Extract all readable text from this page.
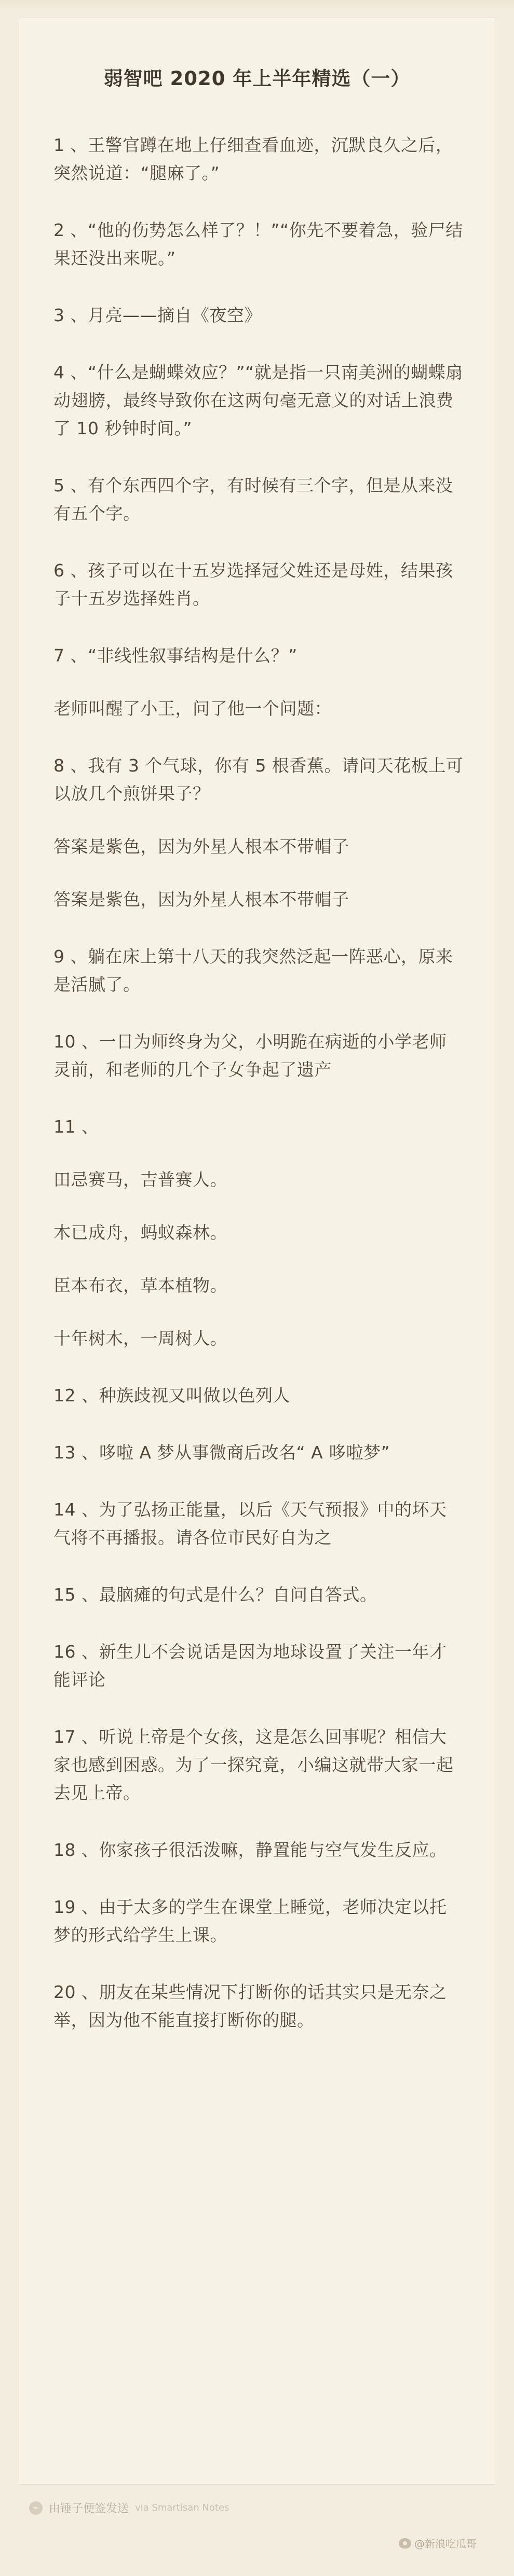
弱智吧 2020 年上半年精选（一）

1 、王警官蹲在地上仔细查看血迹，沉默良久之后，突然说道：“腿麻了。”

2 、“他的伤势怎么样了？！”“你先不要着急，验尸结果还没出来呢。”

3 、月亮——摘自《夜空》

4 、“什么是蝴蝶效应？”“就是指一只南美洲的蝴蝶扇动翅膀，最终导致你在这两句毫无意义的对话上浪费了 10 秒钟时间。”

5 、有个东西四个字，有时候有三个字，但是从来没有五个字。

6 、孩子可以在十五岁选择冠父姓还是母姓，结果孩子十五岁选择姓肖。

7 、“非线性叙事结构是什么？”

老师叫醒了小王，问了他一个问题：

8 、我有 3 个气球，你有 5 根香蕉。请问天花板上可以放几个煎饼果子？

答案是紫色，因为外星人根本不带帽子

答案是紫色，因为外星人根本不带帽子

9 、躺在床上第十八天的我突然泛起一阵恶心，原来是活腻了。

10 、一日为师终身为父，小明跪在病逝的小学老师灵前，和老师的几个子女争起了遗产

11 、

田忌赛马，吉普赛人。

木已成舟，蚂蚁森林。

臣本布衣，草本植物。

十年树木，一周树人。

12 、种族歧视又叫做以色列人

13 、哆啦 A 梦从事微商后改名“ A 哆啦梦”

14 、为了弘扬正能量，以后《天气预报》中的坏天气将不再播报。请各位市民好自为之

15 、最脑瘫的句式是什么？自问自答式。

16 、新生儿不会说话是因为地球设置了关注一年才能评论

17 、听说上帝是个女孩，这是怎么回事呢？相信大家也感到困惑。为了一探究竟，小编这就带大家一起去见上帝。

18 、你家孩子很活泼嘛，静置能与空气发生反应。

19 、由于太多的学生在课堂上睡觉，老师决定以托梦的形式给学生上课。

20 、朋友在某些情况下打断你的话其实只是无奈之举，因为他不能直接打断你的腿。

⌁ 由锤子便签发送 via Smartisan Notes
@新浪吃瓜哥
